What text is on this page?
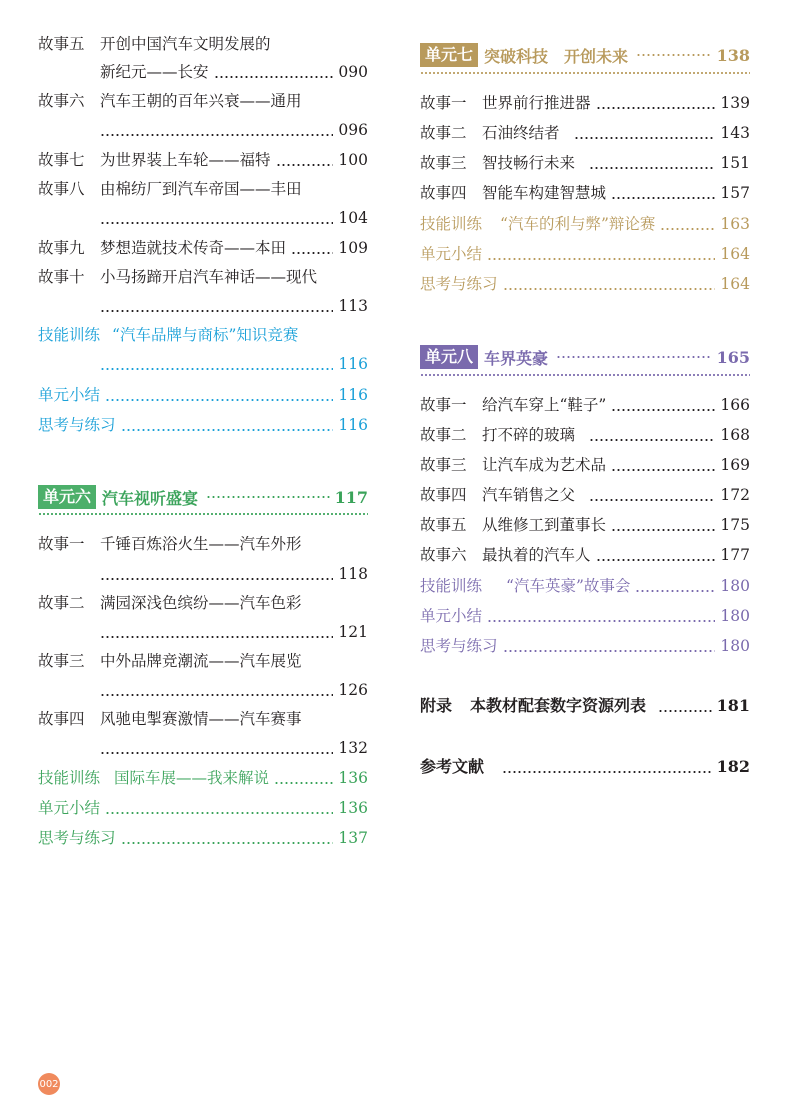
故事五 开创中国汽车文明发展的
新纪元——长安	090
故事六 汽车王朝的百年兴衰——通用
096
故事七 为世界装上车轮——福特	100
故事八 由棉纺厂到汽车帝国——丰田
104
故事九 梦想造就技术传奇——本田	109
故事十 小马扬蹄开启汽车神话——现代
113
技能训练 “汽车品牌与商标”知识竞赛
116
单元小结	116
思考与练习	116
单元六 汽车视听盛宴	117
故事一 千锤百炼浴火生——汽车外形
118
故事二 满园深浅色缤纷——汽车色彩
121
故事三 中外品牌竞潮流——汽车展览
126
故事四 风驰电掣赛激情——汽车赛事
132
技能训练 国际车展——我来解说	136
单元小结	136
思考与练习	137
单元七 突破科技　开创未来	138
故事一 世界前行推进器	139
故事二 石油终结者	143
故事三 智技畅行未来	151
故事四 智能车构建智慧城	157
技能训练 “汽车的利与弊”辩论赛	163
单元小结	164
思考与练习	164
单元八 车界英豪	165
故事一 给汽车穿上“鞋子”	166
故事二 打不碎的玻璃	168
故事三 让汽车成为艺术品	169
故事四 汽车销售之父	172
故事五 从维修工到董事长	175
故事六 最执着的汽车人	177
技能训练 “汽车英豪”故事会	180
单元小结	180
思考与练习	180
附录 本教材配套数字资源列表	181
参考文献	182
002
